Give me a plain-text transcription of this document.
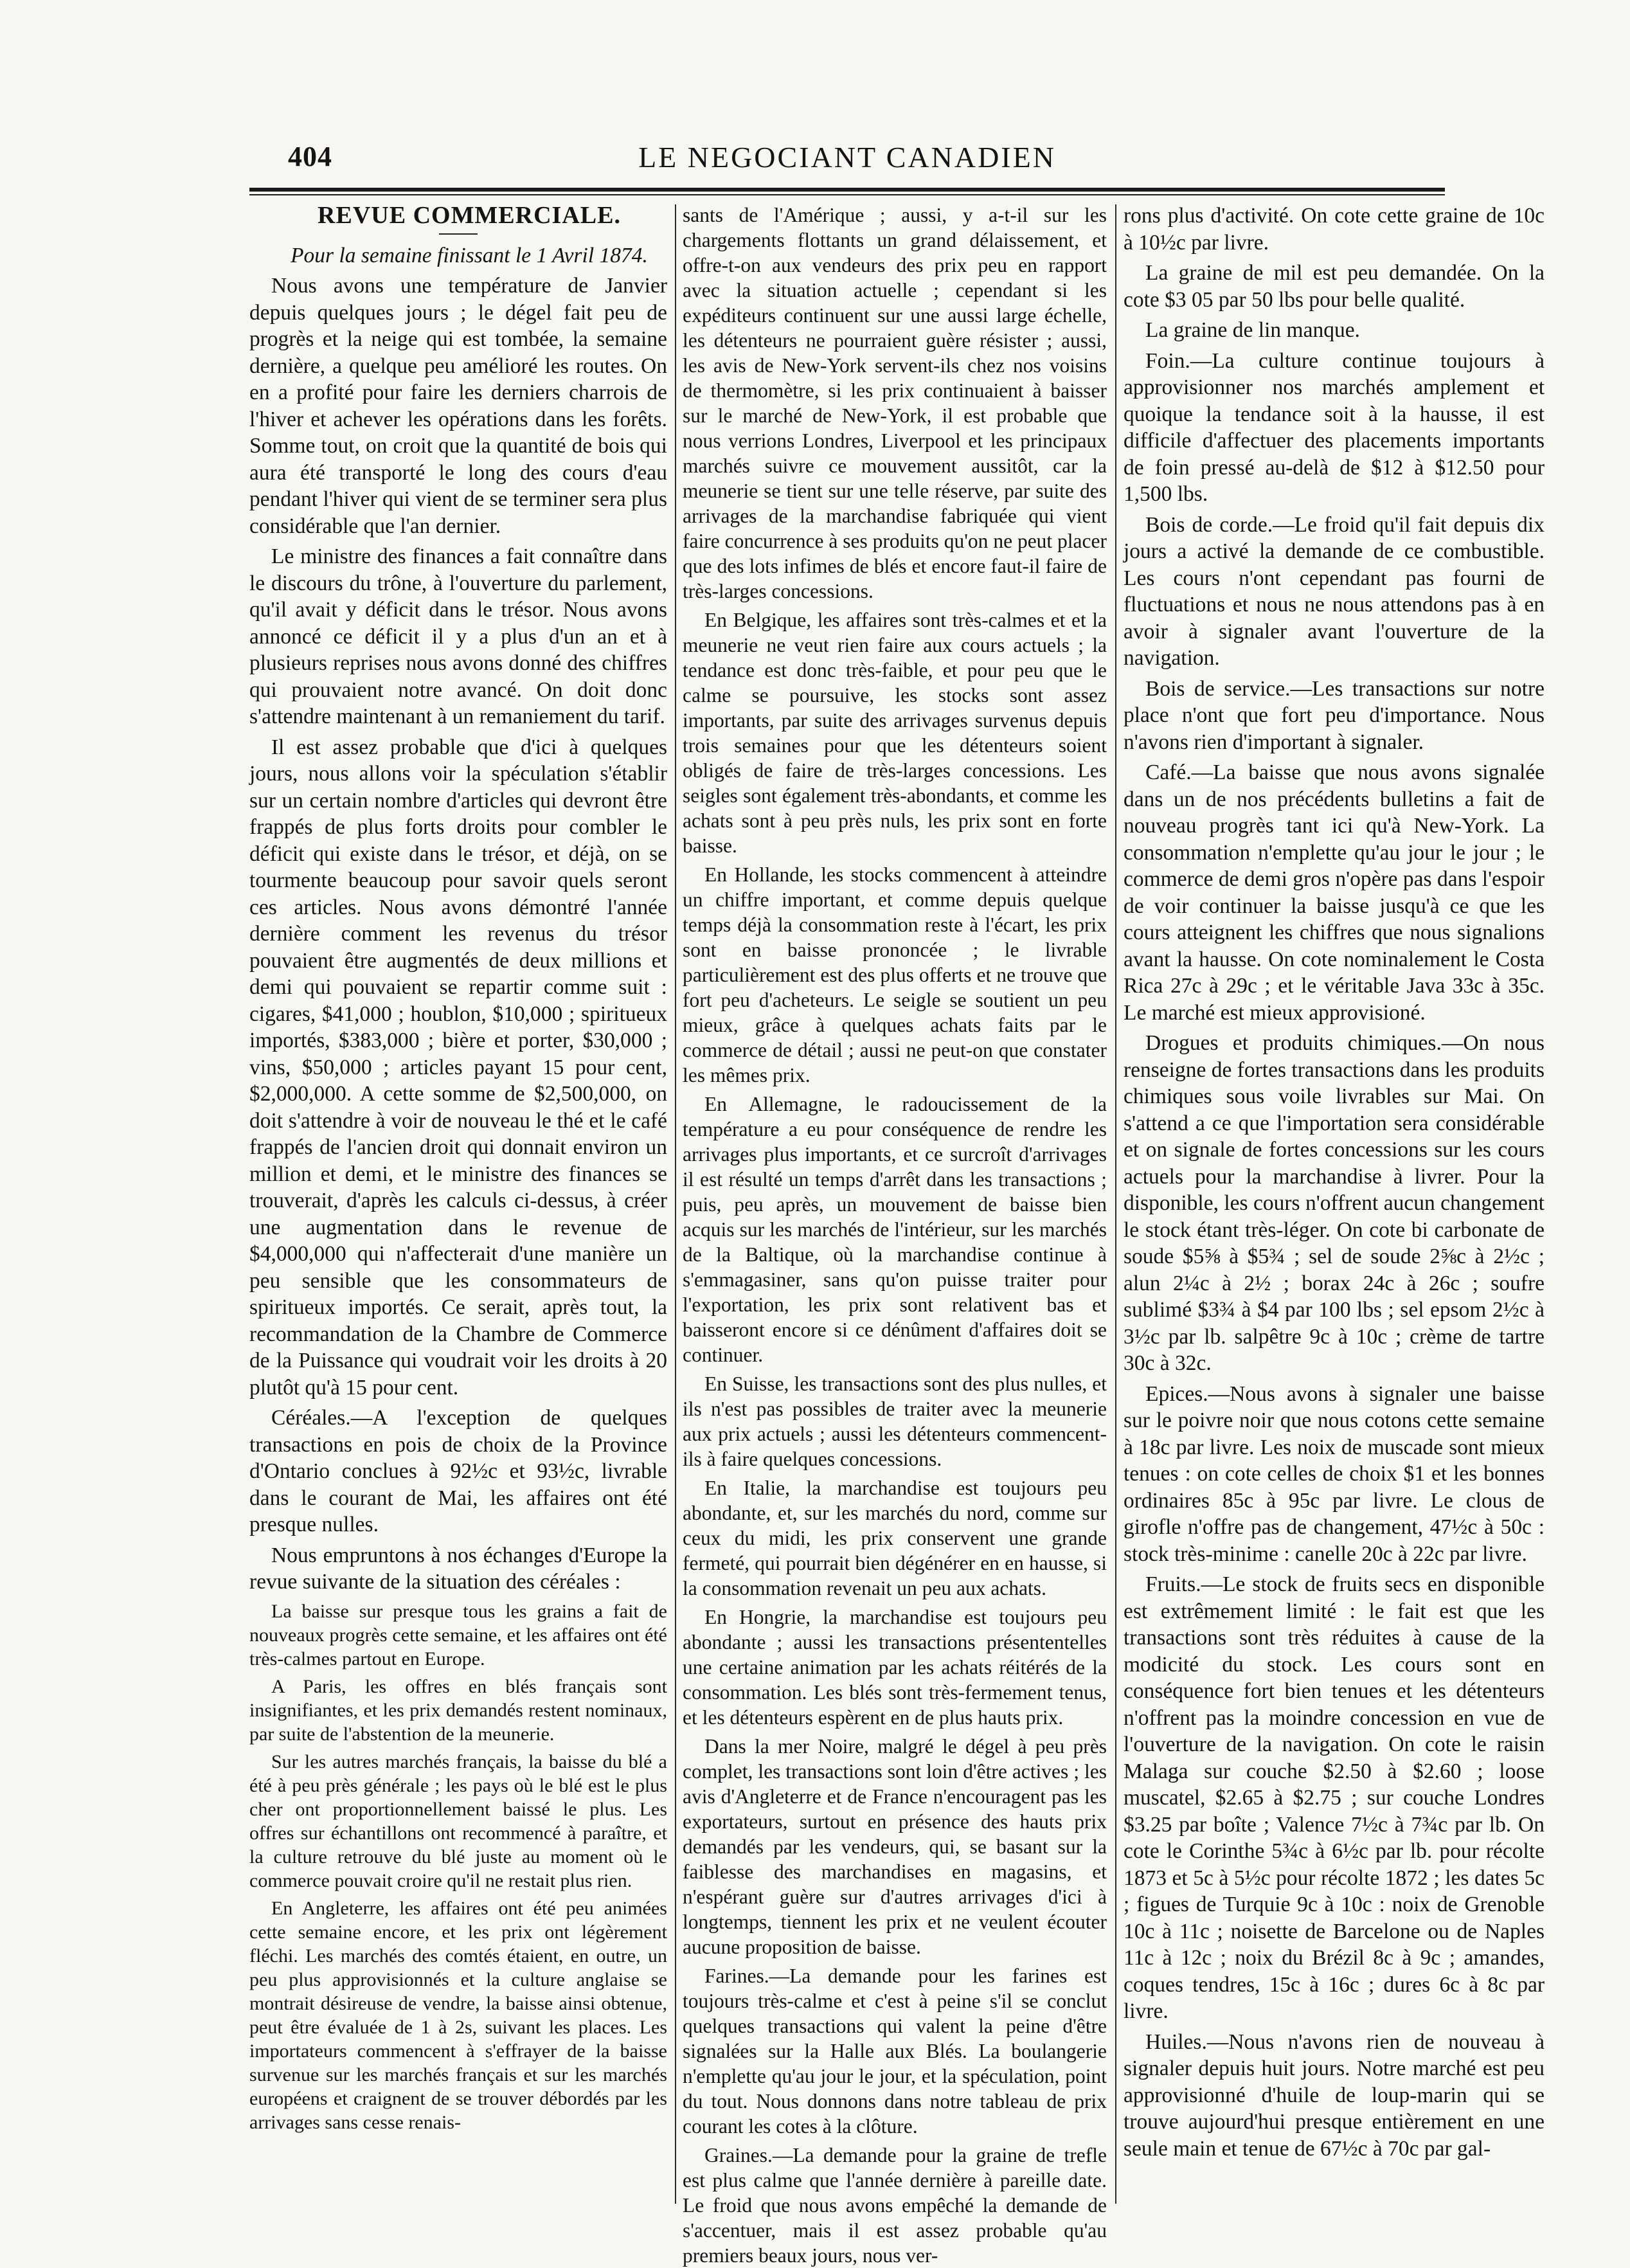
404	LE NEGOCIANT CANADIEN

REVUE COMMERCIALE.

Pour la semaine finissant le 1 Avril 1874.

Nous avons une température de Janvier depuis quelques jours ; le dégel fait peu de progrès et la neige qui est tombée, la semaine dernière, a quelque peu amélioré les routes. On en a profité pour faire les derniers charrois de l'hiver et achever les opérations dans les forêts. Somme tout, on croit que la quantité de bois qui aura été transporté le long des cours d'eau pendant l'hiver qui vient de se terminer sera plus considérable que l'an dernier.

Le ministre des finances a fait connaître dans le discours du trône, à l'ouverture du parlement, qu'il avait y déficit dans le trésor. Nous avons annoncé ce déficit il y a plus d'un an et à plusieurs reprises nous avons donné des chiffres qui prouvaient notre avancé. On doit donc s'attendre maintenant à un remaniement du tarif.

Il est assez probable que d'ici à quelques jours, nous allons voir la spéculation s'établir sur un certain nombre d'articles qui devront être frappés de plus forts droits pour combler le déficit qui existe dans le trésor, et déjà, on se tourmente beaucoup pour savoir quels seront ces articles. Nous avons démontré l'année dernière comment les revenus du trésor pouvaient être augmentés de deux millions et demi qui pouvaient se repartir comme suit : cigares, $41,000 ; houblon, $10,000 ; spiritueux importés, $383,000 ; bière et porter, $30,000 ; vins, $50,000 ; articles payant 15 pour cent, $2,000,000. A cette somme de $2,500,000, on doit s'attendre à voir de nouveau le thé et le café frappés de l'ancien droit qui donnait environ un million et demi, et le ministre des finances se trouverait, d'après les calculs ci-dessus, à créer une augmentation dans le revenue de $4,000,000 qui n'affecterait d'une manière un peu sensible que les consommateurs de spiritueux importés. Ce serait, après tout, la recommandation de la Chambre de Commerce de la Puissance qui voudrait voir les droits à 20 plutôt qu'à 15 pour cent.

Céréales.—A l'exception de quelques transactions en pois de choix de la Province d'Ontario conclues à 92½c et 93½c, livrable dans le courant de Mai, les affaires ont été presque nulles.

Nous empruntons à nos échanges d'Europe la revue suivante de la situation des céréales :

La baisse sur presque tous les grains a fait de nouveaux progrès cette semaine, et les affaires ont été très-calmes partout en Europe.

A Paris, les offres en blés français sont insignifiantes, et les prix demandés restent nominaux, par suite de l'abstention de la meunerie.

Sur les autres marchés français, la baisse du blé a été à peu près générale ; les pays où le blé est le plus cher ont proportionnellement baissé le plus. Les offres sur échantillons ont recommencé à paraître, et la culture retrouve du blé juste au moment où le commerce pouvait croire qu'il ne restait plus rien.

En Angleterre, les affaires ont été peu animées cette semaine encore, et les prix ont légèrement fléchi. Les marchés des comtés étaient, en outre, un peu plus approvisionnés et la culture anglaise se montrait désireuse de vendre, la baisse ainsi obtenue, peut être évaluée de 1 à 2s, suivant les places. Les importateurs commencent à s'effrayer de la baisse survenue sur les marchés français et sur les marchés européens et craignent de se trouver débordés par les arrivages sans cesse renais-

sants de l'Amérique ; aussi, y a-t-il sur les chargements flottants un grand délaissement, et offre-t-on aux vendeurs des prix peu en rapport avec la situation actuelle ; cependant si les expéditeurs continuent sur une aussi large échelle, les détenteurs ne pourraient guère résister ; aussi, les avis de New-York servent-ils chez nos voisins de thermomètre, si les prix continuaient à baisser sur le marché de New-York, il est probable que nous verrions Londres, Liverpool et les principaux marchés suivre ce mouvement aussitôt, car la meunerie se tient sur une telle réserve, par suite des arrivages de la marchandise fabriquée qui vient faire concurrence à ses produits qu'on ne peut placer que des lots infimes de blés et encore faut-il faire de très-larges concessions.

En Belgique, les affaires sont très-calmes et et la meunerie ne veut rien faire aux cours actuels ; la tendance est donc très-faible, et pour peu que le calme se poursuive, les stocks sont assez importants, par suite des arrivages survenus depuis trois semaines pour que les détenteurs soient obligés de faire de très-larges concessions. Les seigles sont également très-abondants, et comme les achats sont à peu près nuls, les prix sont en forte baisse.

En Hollande, les stocks commencent à atteindre un chiffre important, et comme depuis quelque temps déjà la consommation reste à l'écart, les prix sont en baisse prononcée ; le livrable particulièrement est des plus offerts et ne trouve que fort peu d'acheteurs. Le seigle se soutient un peu mieux, grâce à quelques achats faits par le commerce de détail ; aussi ne peut-on que constater les mêmes prix.

En Allemagne, le radoucissement de la température a eu pour conséquence de rendre les arrivages plus importants, et ce surcroît d'arrivages il est résulté un temps d'arrêt dans les transactions ; puis, peu après, un mouvement de baisse bien acquis sur les marchés de l'intérieur, sur les marchés de la Baltique, où la marchandise continue à s'emmagasiner, sans qu'on puisse traiter pour l'exportation, les prix sont relativent bas et baisseront encore si ce dénûment d'affaires doit se continuer.

En Suisse, les transactions sont des plus nulles, et ils n'est pas possibles de traiter avec la meunerie aux prix actuels ; aussi les détenteurs commencent-ils à faire quelques concessions.

En Italie, la marchandise est toujours peu abondante, et, sur les marchés du nord, comme sur ceux du midi, les prix conservent une grande fermeté, qui pourrait bien dégénérer en en hausse, si la consommation revenait un peu aux achats.

En Hongrie, la marchandise est toujours peu abondante ; aussi les transactions présententelles une certaine animation par les achats réitérés de la consommation. Les blés sont très-fermement tenus, et les détenteurs espèrent en de plus hauts prix.

Dans la mer Noire, malgré le dégel à peu près complet, les transactions sont loin d'être actives ; les avis d'Angleterre et de France n'encouragent pas les exportateurs, surtout en présence des hauts prix demandés par les vendeurs, qui, se basant sur la faiblesse des marchandises en magasins, et n'espérant guère sur d'autres arrivages d'ici à longtemps, tiennent les prix et ne veulent écouter aucune proposition de baisse.

Farines.—La demande pour les farines est toujours très-calme et c'est à peine s'il se conclut quelques transactions qui valent la peine d'être signalées sur la Halle aux Blés. La boulangerie n'emplette qu'au jour le jour, et la spéculation, point du tout. Nous donnons dans notre tableau de prix courant les cotes à la clôture.

Graines.—La demande pour la graine de trefle est plus calme que l'année dernière à pareille date. Le froid que nous avons empêché la demande de s'accentuer, mais il est assez probable qu'au premiers beaux jours, nous ver-

rons plus d'activité. On cote cette graine de 10c à 10½c par livre.

La graine de mil est peu demandée. On la cote $3 05 par 50 lbs pour belle qualité.

La graine de lin manque.

Foin.—La culture continue toujours à approvisionner nos marchés amplement et quoique la tendance soit à la hausse, il est difficile d'affectuer des placements importants de foin pressé au-delà de $12 à $12.50 pour 1,500 lbs.

Bois de corde.—Le froid qu'il fait depuis dix jours a activé la demande de ce combustible. Les cours n'ont cependant pas fourni de fluctuations et nous ne nous attendons pas à en avoir à signaler avant l'ouverture de la navigation.

Bois de service.—Les transactions sur notre place n'ont que fort peu d'importance. Nous n'avons rien d'important à signaler.

Café.—La baisse que nous avons signalée dans un de nos précédents bulletins a fait de nouveau progrès tant ici qu'à New-York. La consommation n'emplette qu'au jour le jour ; le commerce de demi gros n'opère pas dans l'espoir de voir continuer la baisse jusqu'à ce que les cours atteignent les chiffres que nous signalions avant la hausse. On cote nominalement le Costa Rica 27c à 29c ; et le véritable Java 33c à 35c. Le marché est mieux approvisioné.

Drogues et produits chimiques.—On nous renseigne de fortes transactions dans les produits chimiques sous voile livrables sur Mai. On s'attend a ce que l'importation sera considérable et on signale de fortes concessions sur les cours actuels pour la marchandise à livrer. Pour la disponible, les cours n'offrent aucun changement le stock étant très-léger. On cote bi carbonate de soude $5⅝ à $5¾ ; sel de soude 2⅝c à 2½c ; alun 2¼c à 2½ ; borax 24c à 26c ; soufre sublimé $3¾ à $4 par 100 lbs ; sel epsom 2½c à 3½c par lb. salpêtre 9c à 10c ; crème de tartre 30c à 32c.

Epices.—Nous avons à signaler une baisse sur le poivre noir que nous cotons cette semaine à 18c par livre. Les noix de muscade sont mieux tenues : on cote celles de choix $1 et les bonnes ordinaires 85c à 95c par livre. Le clous de girofle n'offre pas de changement, 47½c à 50c : stock très-minime : canelle 20c à 22c par livre.

Fruits.—Le stock de fruits secs en disponible est extrêmement limité : le fait est que les transactions sont très réduites à cause de la modicité du stock. Les cours sont en conséquence fort bien tenues et les détenteurs n'offrent pas la moindre concession en vue de l'ouverture de la navigation. On cote le raisin Malaga sur couche $2.50 à $2.60 ; loose muscatel, $2.65 à $2.75 ; sur couche Londres $3.25 par boîte ; Valence 7½c à 7¾c par lb. On cote le Corinthe 5¾c à 6½c par lb. pour récolte 1873 et 5c à 5½c pour récolte 1872 ; les dates 5c ; figues de Turquie 9c à 10c : noix de Grenoble 10c à 11c ; noisette de Barcelone ou de Naples 11c à 12c ; noix du Brézil 8c à 9c ; amandes, coques tendres, 15c à 16c ; dures 6c à 8c par livre.

Huiles.—Nous n'avons rien de nouveau à signaler depuis huit jours. Notre marché est peu approvisionné d'huile de loup-marin qui se trouve aujourd'hui presque entièrement en une seule main et tenue de 67½c à 70c par gal-
